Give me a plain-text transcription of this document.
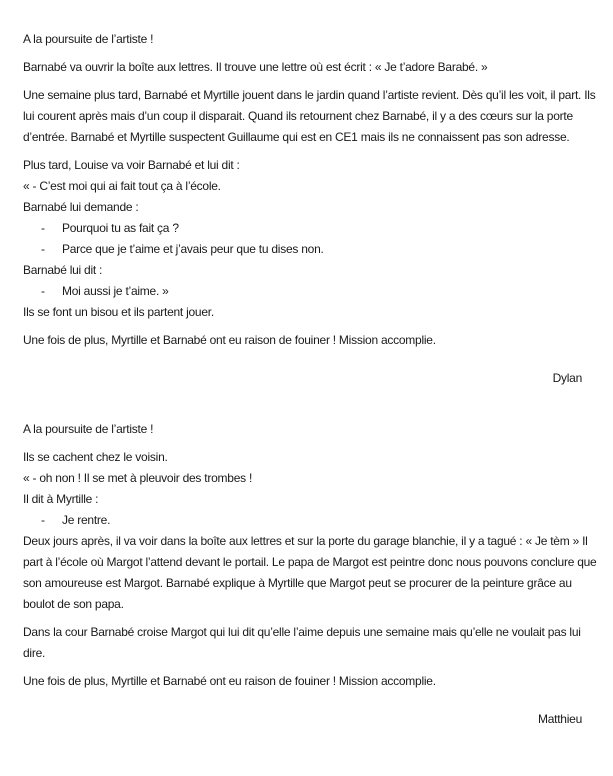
A la poursuite de l’artiste !

Barnabé va ouvrir la boîte aux lettres. Il trouve une lettre où est écrit : « Je t’adore Barabé. »

Une semaine plus tard, Barnabé et Myrtille jouent dans le jardin quand l’artiste revient. Dès qu’il les voit, il part. Ils lui courent après mais d’un coup il disparait. Quand ils retournent chez Barnabé, il y a des cœurs sur la porte d’entrée. Barnabé et Myrtille suspectent Guillaume qui est en CE1 mais ils ne connaissent pas son adresse.

Plus tard, Louise va voir Barnabé et lui dit :
« - C’est moi qui ai fait tout ça à l’école.
Barnabé lui demande :
- Pourquoi tu as fait ça ?
- Parce que je t’aime et j’avais peur que tu dises non.
Barnabé lui dit :
- Moi aussi je t’aime. »
Ils se font un bisou et ils partent jouer.

Une fois de plus, Myrtille et Barnabé ont eu raison de fouiner ! Mission accomplie.

Dylan

A la poursuite de l’artiste !

Ils se cachent chez le voisin.
« - oh non ! Il se met à pleuvoir des trombes !
Il dit à Myrtille :
- Je rentre.
Deux jours après, il va voir dans la boîte aux lettres et sur la porte du garage blanchie, il y a tagué : « Je tèm » Il part à l’école où Margot l’attend devant le portail. Le papa de Margot est peintre donc nous pouvons conclure que son amoureuse est Margot. Barnabé explique à Myrtille que Margot peut se procurer de la peinture grâce au boulot de son papa.

Dans la cour Barnabé croise Margot qui lui dit qu’elle l’aime depuis une semaine mais qu’elle ne voulait pas lui dire.

Une fois de plus, Myrtille et Barnabé ont eu raison de fouiner ! Mission accomplie.

Matthieu
